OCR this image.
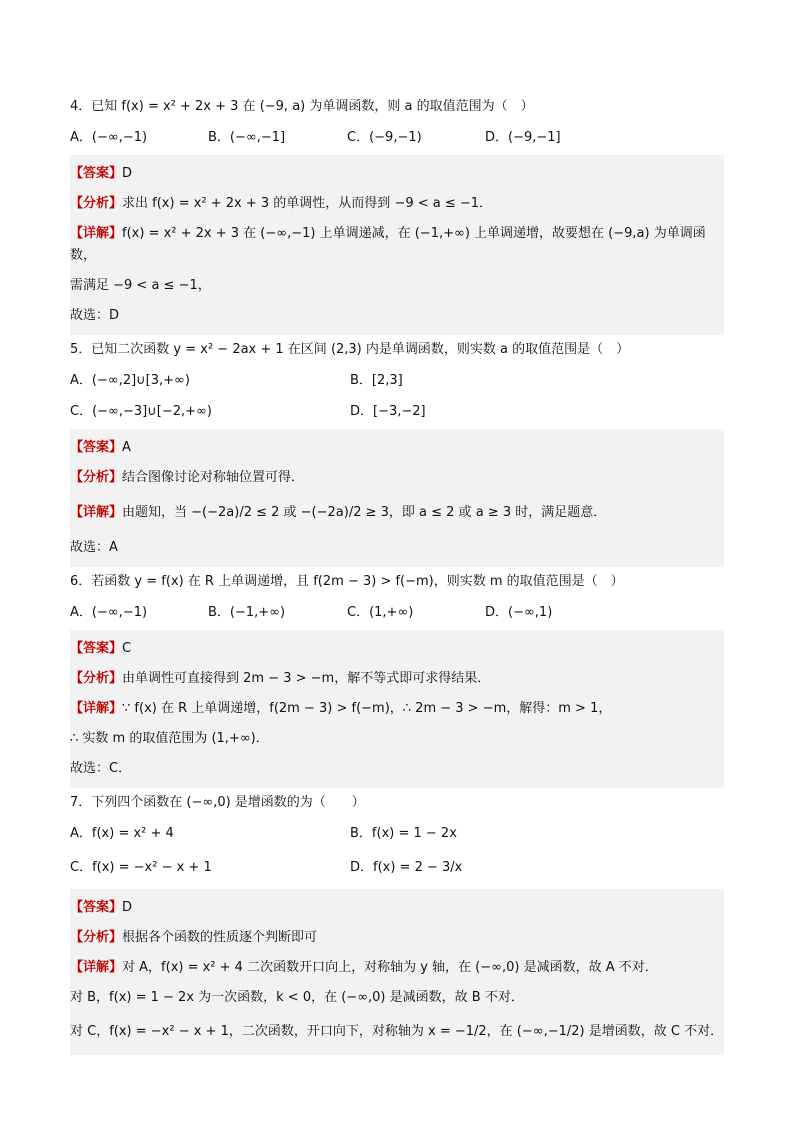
4．已知 f(x) = x² + 2x + 3 在 (−9, a) 为单调函数，则 a 的取值范围为（　）

A．(−∞,−1)	B．(−∞,−1]	C．(−9,−1)	D．(−9,−1]
【答案】D
【分析】求出 f(x) = x² + 2x + 3 的单调性，从而得到 −9 < a ≤ −1．
【详解】f(x) = x² + 2x + 3 在 (−∞,−1) 上单调递减，在 (−1,+∞) 上单调递增，故要想在 (−9,a) 为单调函数，
需满足 −9 < a ≤ −1，
故选：D

5．已知二次函数 y = x² − 2ax + 1 在区间 (2,3) 内是单调函数，则实数 a 的取值范围是（　）

A．(−∞,2]∪[3,+∞)	B．[2,3]
C．(−∞,−3]∪[−2,+∞)	D．[−3,−2]
【答案】A
【分析】结合图像讨论对称轴位置可得．
【详解】由题知，当 −(−2a)/2 ≤ 2 或 −(−2a)/2 ≥ 3，即 a ≤ 2 或 a ≥ 3 时，满足题意．
故选：A

6．若函数 y = f(x) 在 R 上单调递增，且 f(2m − 3) > f(−m)，则实数 m 的取值范围是（　）

A．(−∞,−1)	B．(−1,+∞)	C．(1,+∞)	D．(−∞,1)
【答案】C
【分析】由单调性可直接得到 2m − 3 > −m，解不等式即可求得结果．
【详解】∵ f(x) 在 R 上单调递增，f(2m − 3) > f(−m)，∴ 2m − 3 > −m，解得：m > 1，
∴ 实数 m 的取值范围为 (1,+∞)．
故选：C．

7．下列四个函数在 (−∞,0) 是增函数的为（　　）

A．f(x) = x² + 4	B．f(x) = 1 − 2x
C．f(x) = −x² − x + 1	D．f(x) = 2 − 3/x
【答案】D
【分析】根据各个函数的性质逐个判断即可
【详解】对 A，f(x) = x² + 4 二次函数开口向上，对称轴为 y 轴，在 (−∞,0) 是减函数，故 A 不对．
对 B，f(x) = 1 − 2x 为一次函数，k < 0，在 (−∞,0) 是减函数，故 B 不对．
对 C，f(x) = −x² − x + 1，二次函数，开口向下，对称轴为 x = −1/2，在 (−∞,−1/2) 是增函数，故 C 不对．
